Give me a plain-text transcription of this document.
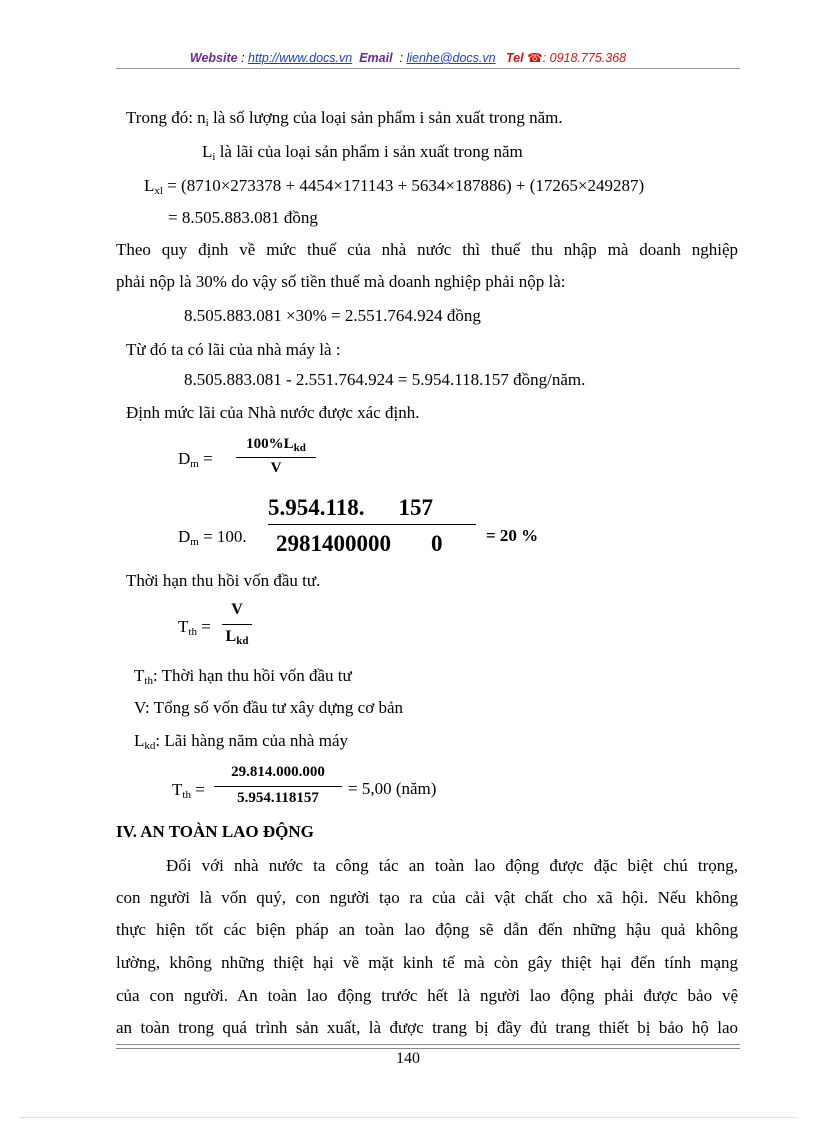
Website : http://www.docs.vn Email  : lienhe@docs.vn Tel ☎: 0918.775.368
Trong đó: $n_i$ là số lượng của loại sản phẩm i sản xuất trong năm.
$L_i$ là lãi của loại sản phẩm i sản xuất trong năm
$L_{xl} = (8710\times 273378 + 4454\times 171143 + 5634\times 187886) + (17265\times 249287)$
= 8.505.883.081 đồng
Theo quy định về mức thuế của nhà nước thì thuế thu nhập mà doanh nghiệp
phải nộp là 30% do vậy số tiền thuế mà doanh nghiệp phải nộp là:
8.505.883.081 ×30% = 2.551.764.924 đồng
Từ đó ta có lãi của nhà máy là :
8.505.883.081 - 2.551.764.924 = 5.954.118.157 đồng/năm.
Định mức lãi của Nhà nước được xác định.
$D_m$ =
$100\%L_{kd}$
V
$D_m = 100$.
5.954.118. 157
2981400000 0	= 20 %
Thời hạn thu hồi vốn đầu tư.
$T_{th}$ =
V
$L_{kd}$
$T_{th}$: Thời hạn thu hồi vốn đầu tư
V: Tổng số vốn đầu tư xây dựng cơ bản
$L_{kd}$: Lãi hàng năm của nhà máy
$T_{th}$ =
29.814.000.000
5.954.118157	= 5,00 (năm)
IV. AN TOÀN LAO ĐỘNG
Đối với nhà nước ta công tác an toàn lao động được đặc biệt chú trọng,
con người là vốn quý, con người tạo ra của cải vật chất cho xã hội. Nếu không
thực hiện tốt các biện pháp an toàn lao động sẽ dẫn đến những hậu quả không
lường, không những thiệt hại về mặt kinh tế mà còn gây thiệt hại đến tính mạng
của con người. An toàn lao động trước hết là người lao động phải được bảo vệ
an toàn trong quá trình sản xuất, là được trang bị đầy đủ trang thiết bị bảo hộ lao
140
